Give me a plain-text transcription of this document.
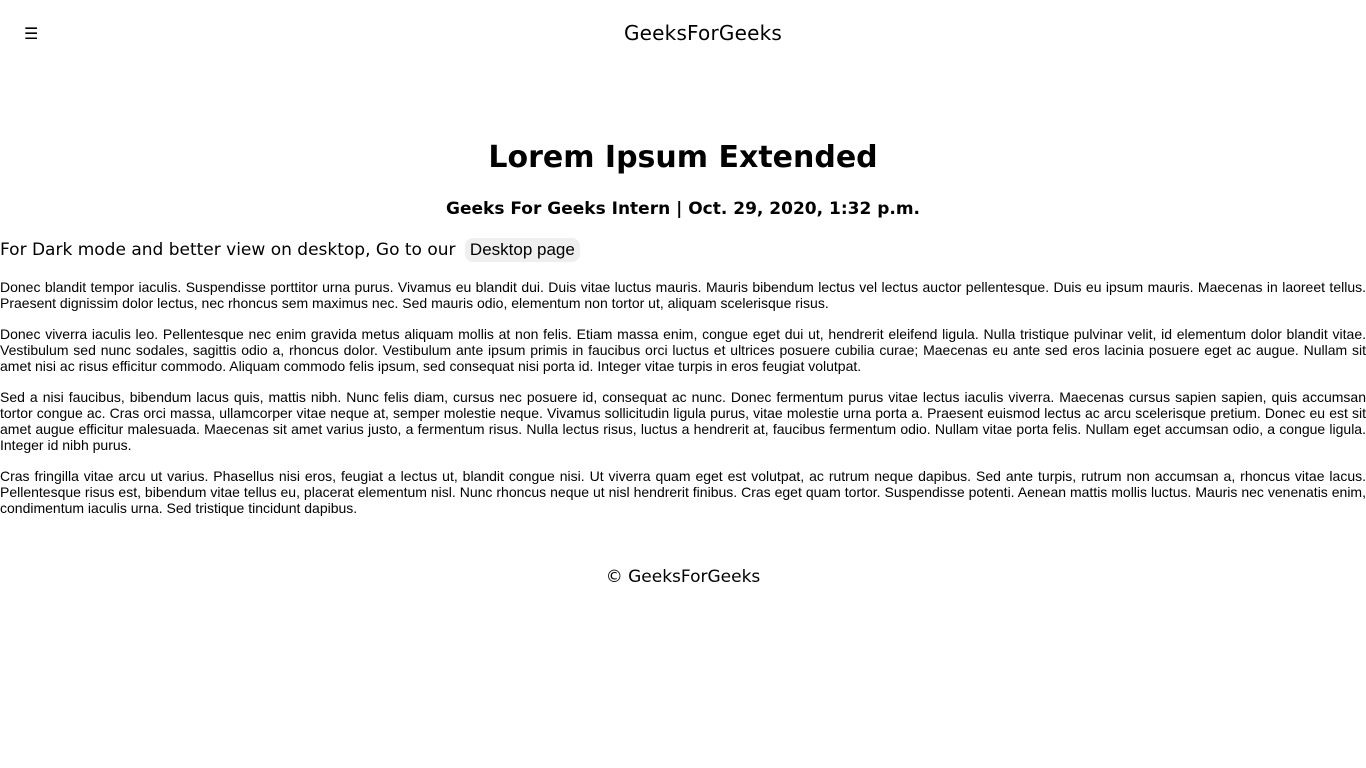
☰	GeeksForGeeks
Lorem Ipsum Extended
Geeks For Geeks Intern | Oct. 29, 2020, 1:32 p.m.
For Dark mode and better view on desktop, Go to our Desktop page

Donec blandit tempor iaculis. Suspendisse porttitor urna purus. Vivamus eu blandit dui. Duis vitae luctus mauris. Mauris bibendum lectus vel lectus auctor pellentesque. Duis eu ipsum mauris. Maecenas in laoreet tellus. Praesent dignissim dolor lectus, nec rhoncus sem maximus nec. Sed mauris odio, elementum non tortor ut, aliquam scelerisque risus.

Donec viverra iaculis leo. Pellentesque nec enim gravida metus aliquam mollis at non felis. Etiam massa enim, congue eget dui ut, hendrerit eleifend ligula. Nulla tristique pulvinar velit, id elementum dolor blandit vitae. Vestibulum sed nunc sodales, sagittis odio a, rhoncus dolor. Vestibulum ante ipsum primis in faucibus orci luctus et ultrices posuere cubilia curae; Maecenas eu ante sed eros lacinia posuere eget ac augue. Nullam sit amet nisi ac risus efficitur commodo. Aliquam commodo felis ipsum, sed consequat nisi porta id. Integer vitae turpis in eros feugiat volutpat.

Sed a nisi faucibus, bibendum lacus quis, mattis nibh. Nunc felis diam, cursus nec posuere id, consequat ac nunc. Donec fermentum purus vitae lectus iaculis viverra. Maecenas cursus sapien sapien, quis accumsan tortor congue ac. Cras orci massa, ullamcorper vitae neque at, semper molestie neque. Vivamus sollicitudin ligula purus, vitae molestie urna porta a. Praesent euismod lectus ac arcu scelerisque pretium. Donec eu est sit amet augue efficitur malesuada. Maecenas sit amet varius justo, a fermentum risus. Nulla lectus risus, luctus a hendrerit at, faucibus fermentum odio. Nullam vitae porta felis. Nullam eget accumsan odio, a congue ligula. Integer id nibh purus.

Cras fringilla vitae arcu ut varius. Phasellus nisi eros, feugiat a lectus ut, blandit congue nisi. Ut viverra quam eget est volutpat, ac rutrum neque dapibus. Sed ante turpis, rutrum non accumsan a, rhoncus vitae lacus. Pellentesque risus est, bibendum vitae tellus eu, placerat elementum nisl. Nunc rhoncus neque ut nisl hendrerit finibus. Cras eget quam tortor. Suspendisse potenti. Aenean mattis mollis luctus. Mauris nec venenatis enim, condimentum iaculis urna. Sed tristique tincidunt dapibus.

© GeeksForGeeks
